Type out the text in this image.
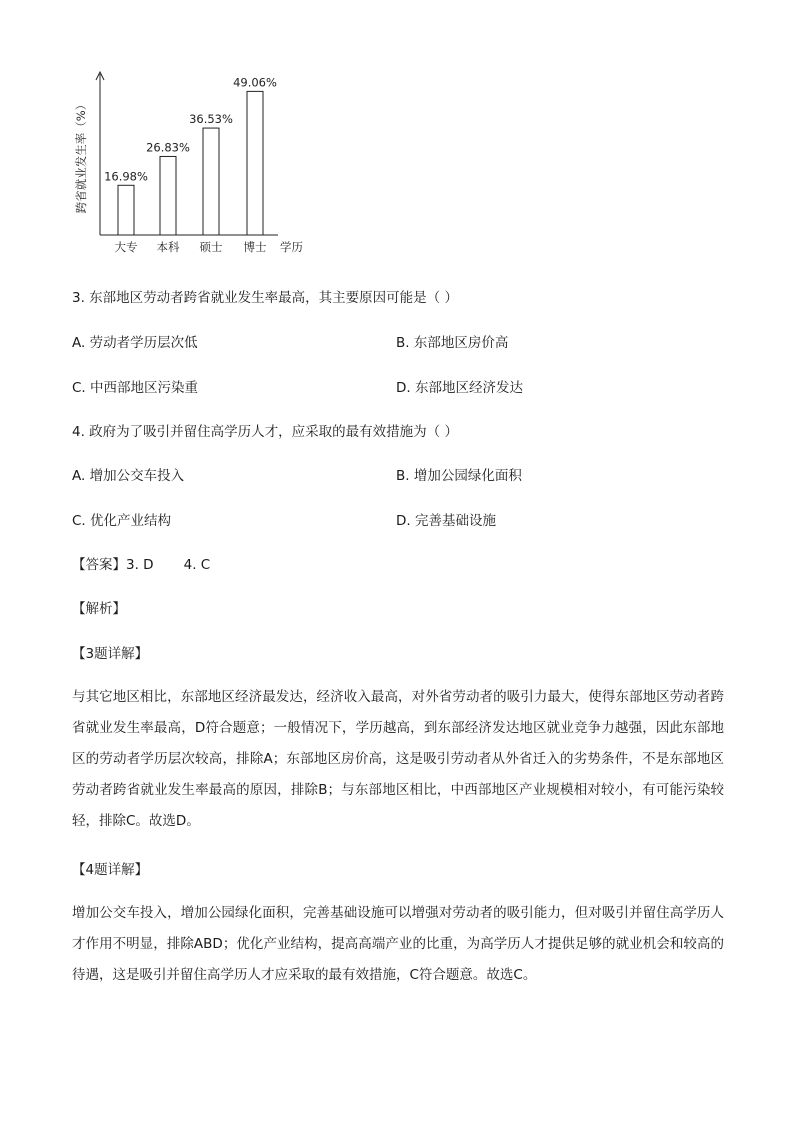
跨省就业发生率（%）
学历
16.98%
大专
26.83%
本科
36.53%
硕士
49.06%
博士
3. 东部地区劳动者跨省就业发生率最高，其主要原因可能是（ ）
A. 劳动者学历层次低	B. 东部地区房价高
C. 中西部地区污染重	D. 东部地区经济发达
4. 政府为了吸引并留住高学历人才，应采取的最有效措施为（ ）
A. 增加公交车投入	B. 增加公园绿化面积
C. 优化产业结构	D. 完善基础设施
【答案】3. D       4. C
【解析】
【3题详解】

与其它地区相比，东部地区经济最发达，经济收入最高，对外省劳动者的吸引力最大，使得东部地区劳动者跨省就业发生率最高，D符合题意；一般情况下，学历越高，到东部经济发达地区就业竞争力越强，因此东部地区的劳动者学历层次较高，排除A；东部地区房价高，这是吸引劳动者从外省迁入的劣势条件，不是东部地区劳动者跨省就业发生率最高的原因，排除B；与东部地区相比，中西部地区产业规模相对较小，有可能污染较轻，排除C。故选D。

【4题详解】

增加公交车投入，增加公园绿化面积，完善基础设施可以增强对劳动者的吸引能力，但对吸引并留住高学历人才作用不明显，排除ABD；优化产业结构，提高高端产业的比重，为高学历人才提供足够的就业机会和较高的待遇，这是吸引并留住高学历人才应采取的最有效措施，C符合题意。故选C。
